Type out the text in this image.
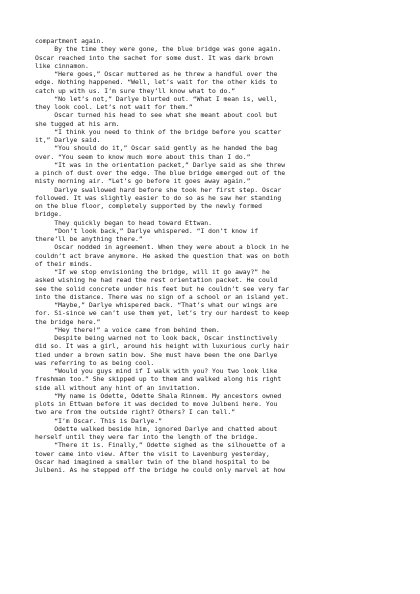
compartment again.
By the time they were gone, the blue bridge was gone again.
Oscar reached into the sachet for some dust. It was dark brown
like cinnamon.
“Here goes,” Oscar muttered as he threw a handful over the
edge. Nothing happened. “Well, let’s wait for the other kids to
catch up with us. I’m sure they’ll know what to do.”
“No let’s not,” Darlye blurted out. “What I mean is, well,
they look cool. Let’s not wait for them.”
Oscar turned his head to see what she meant about cool but
she tugged at his arm.
“I think you need to think of the bridge before you scatter
it,” Darlye said.
“You should do it,” Oscar said gently as he handed the bag
over. “You seem to know much more about this than I do.”
“It was in the orientation packet,” Darlye said as she threw
a pinch of dust over the edge. The blue bridge emerged out of the
misty morning air. “Let’s go before it goes away again.”
Darlye swallowed hard before she took her first step. Oscar
followed. It was slightly easier to do so as he saw her standing
on the blue floor, completely supported by the newly formed
bridge.
They quickly began to head toward Ettwan.
“Don’t look back,” Darlye whispered. “I don’t know if
there’ll be anything there.”
Oscar nodded in agreement. When they were about a block in he
couldn’t act brave anymore. He asked the question that was on both
of their minds.
“If we stop envisioning the bridge, will it go away?” he
asked wishing he had read the rest orientation packet. He could
see the solid concrete under his feet but he couldn’t see very far
into the distance. There was no sign of a school or an island yet.
“Maybe,” Darlye whispered back. “That’s what our wings are
for. Si-since we can’t use them yet, let’s try our hardest to keep
the bridge here.”
“Hey there!” a voice came from behind them.
Despite being warned not to look back, Oscar instinctively
did so. It was a girl, around his height with luxurious curly hair
tied under a brown satin bow. She must have been the one Darlye
was referring to as being cool.
“Would you guys mind if I walk with you? You two look like
freshman too.” She skipped up to them and walked along his right
side all without any hint of an invitation.
“My name is Odette, Odette Shala Rinnem. My ancestors owned
plots in Ettwan before it was decided to move Julbeni here. You
two are from the outside right? Others? I can tell.”
“I’m Oscar. This is Darlye.”
Odette walked beside him, ignored Darlye and chatted about
herself until they were far into the length of the bridge.
“There it is. Finally,” Odette sighed as the silhouette of a
tower came into view. After the visit to Lavenburg yesterday,
Oscar had imagined a smaller twin of the bland hospital to be
Julbeni. As he stepped off the bridge he could only marvel at how
